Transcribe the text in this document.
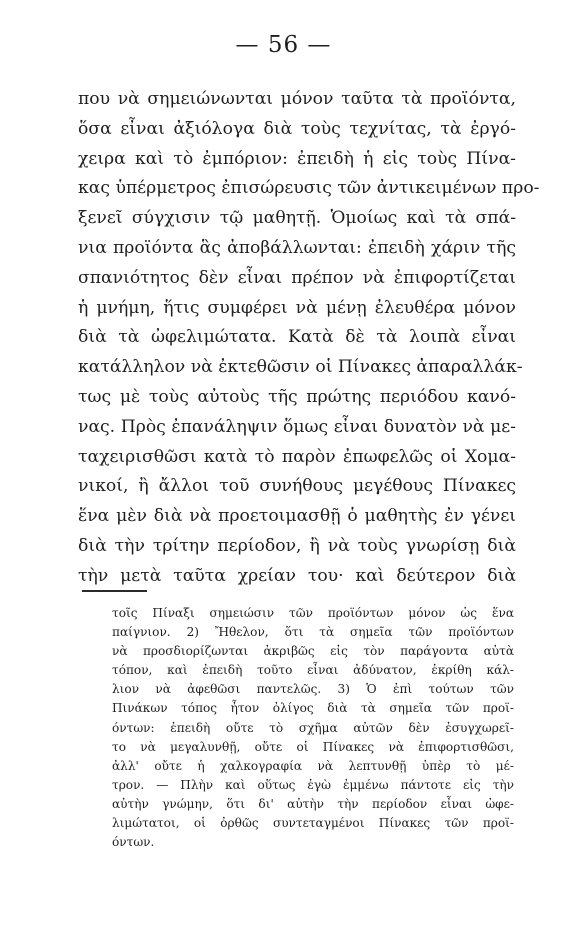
— 56 —
που νὰ σημειώνωνται μόνον ταῦτα τὰ προϊόντα,
ὅσα εἶναι ἀξιόλογα διὰ τοὺς τεχνίτας, τὰ ἐργό-
χειρα καὶ τὸ ἐμπόριον: ἐπειδὴ ἡ εἰς τοὺς Πίνα-
κας ὑπέρμετρος ἐπισώρευσις τῶν ἀντικειμένων προ-
ξενεῖ σύγχισιν τῷ μαθητῇ. Ὁμοίως καὶ τὰ σπά-
νια προϊόντα ἃς ἀποβάλλωνται: ἐπειδὴ χάριν τῆς
σπανιότητος δὲν εἶναι πρέπον νὰ ἐπιφορτίζεται
ἡ μνήμη, ἥτις συμφέρει νὰ μένῃ ἐλευθέρα μόνον
διὰ τὰ ὠφελιμώτατα. Κατὰ δὲ τὰ λοιπὰ εἶναι
κατάλληλον νὰ ἐκτεθῶσιν οἱ Πίνακες ἀπαραλλάκ-
τως μὲ τοὺς αὐτοὺς τῆς πρώτης περιόδου κανό-
νας. Πρὸς ἐπανάληψιν ὅμως εἶναι δυνατὸν νὰ με-
ταχειρισθῶσι κατὰ τὸ παρὸν ἐπωφελῶς οἱ Χομα-
νικοί, ἢ ἄλλοι τοῦ συνήθους μεγέθους Πίνακες
ἕνα μὲν διὰ νὰ προετοιμασθῇ ὁ μαθητὴς ἐν γένει
διὰ τὴν τρίτην περίοδον, ἢ νὰ τοὺς γνωρίσῃ διὰ
τὴν μετὰ ταῦτα χρείαν του· καὶ δεύτερον διὰ
τοῖς Πίναξι σημειώσιν τῶν προϊόντων μόνον ὡς ἕνα
παίγνιον. 2) Ἤθελον, ὅτι τὰ σημεῖα τῶν προϊόντων
νὰ προσδιορίζωνται ἀκριβῶς εἰς τὸν παράγοντα αὐτὰ
τόπον, καὶ ἐπειδὴ τοῦτο εἶναι ἀδύνατον, ἐκρίθη κάλ-
λιον νὰ ἀφεθῶσι παντελῶς. 3) Ὁ ἐπὶ τούτων τῶν
Πινάκων τόπος ἦτον ὀλίγος διὰ τὰ σημεῖα τῶν προϊ-
όντων: ἐπειδὴ οὔτε τὸ σχῆμα αὐτῶν δὲν ἐσυγχωρεῖ-
το νὰ μεγαλυνθῇ, οὔτε οἱ Πίνακες νὰ ἐπιφορτισθῶσι,
ἀλλ' οὔτε ἡ χαλκογραφία νὰ λεπτυνθῇ ὑπὲρ τὸ μέ-
τρον. — Πλὴν καὶ οὕτως ἐγὼ ἐμμένω πάντοτε εἰς τὴν
αὐτὴν γνώμην, ὅτι δι' αὐτὴν τὴν περίοδον εἶναι ὠφε-
λιμώτατοι, οἱ ὀρθῶς συντεταγμένοι Πίνακες τῶν προϊ-
όντων.
